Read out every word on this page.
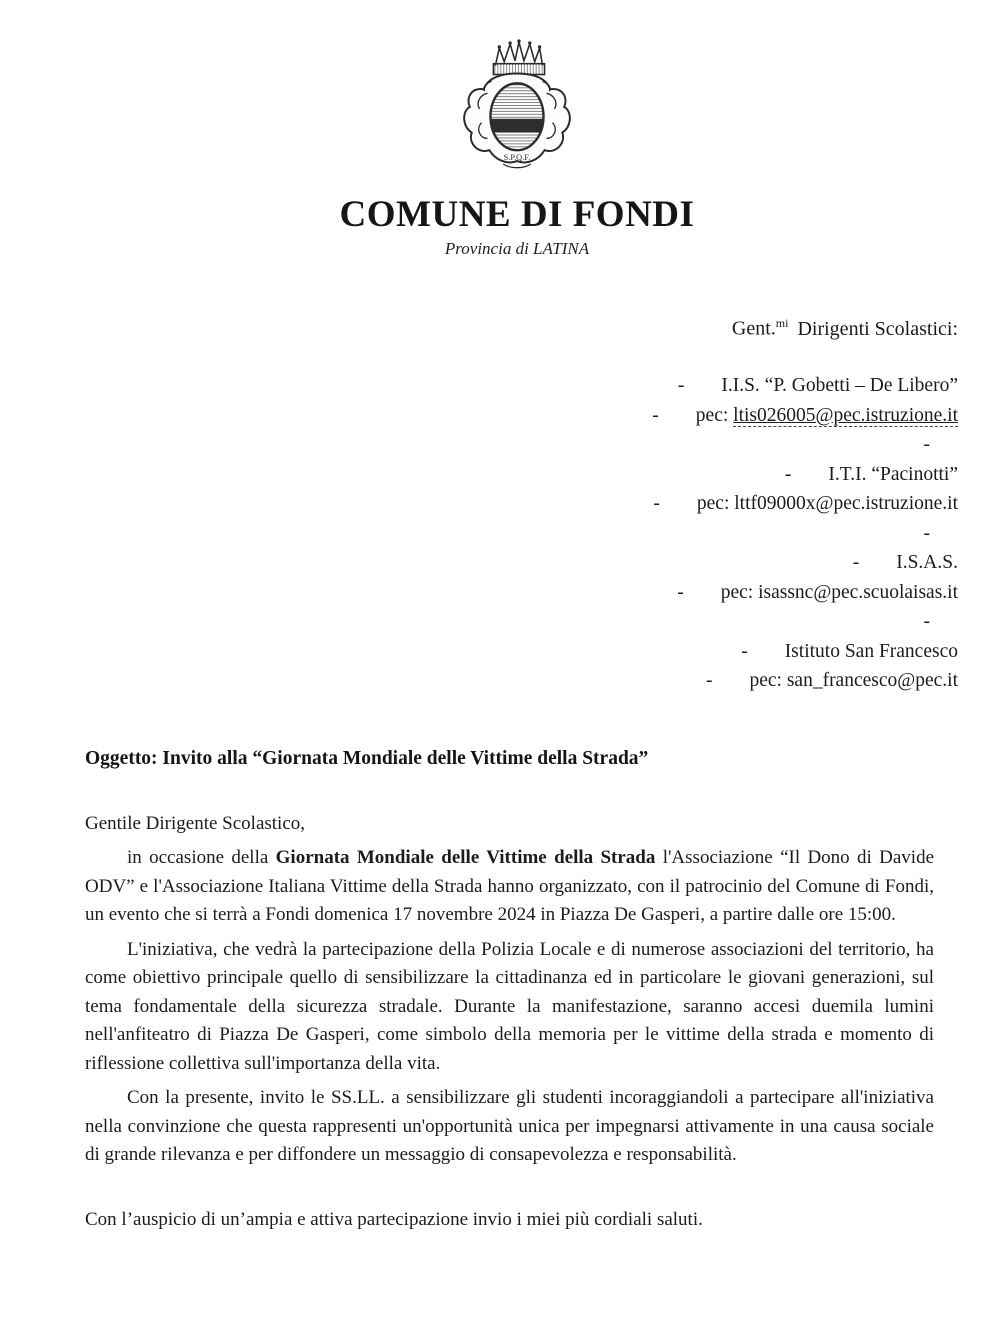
S.P.Q.F.
COMUNE DI FONDI
Provincia di LATINA
Gent.$^{mi}$ Dirigenti Scolastici:
- I.I.S. “P. Gobetti – De Libero”
- pec: ltis026005@pec.istruzione.it
-
- I.T.I. “Pacinotti”
- pec: lttf09000x@pec.istruzione.it
-
- I.S.A.S.
- pec: isassnc@pec.scuolaisas.it
-
- Istituto San Francesco
- pec: san_francesco@pec.it
Oggetto: Invito alla “Giornata Mondiale delle Vittime della Strada”
Gentile Dirigente Scolastico,

in occasione della Giornata Mondiale delle Vittime della Strada l'Associazione “Il Dono di Davide ODV” e l'Associazione Italiana Vittime della Strada hanno organizzato, con il patrocinio del Comune di Fondi, un evento che si terrà a Fondi domenica 17 novembre 2024 in Piazza De Gasperi, a partire dalle ore 15:00.

L'iniziativa, che vedrà la partecipazione della Polizia Locale e di numerose associazioni del territorio, ha come obiettivo principale quello di sensibilizzare la cittadinanza ed in particolare le giovani generazioni, sul tema fondamentale della sicurezza stradale. Durante la manifestazione, saranno accesi duemila lumini nell'anfiteatro di Piazza De Gasperi, come simbolo della memoria per le vittime della strada e momento di riflessione collettiva sull'importanza della vita.

Con la presente, invito le SS.LL. a sensibilizzare gli studenti incoraggiandoli a partecipare all'iniziativa nella convinzione che questa rappresenti un'opportunità unica per impegnarsi attivamente in una causa sociale di grande rilevanza e per diffondere un messaggio di consapevolezza e responsabilità.

Con l’auspicio di un’ampia e attiva partecipazione invio i miei più cordiali saluti.
